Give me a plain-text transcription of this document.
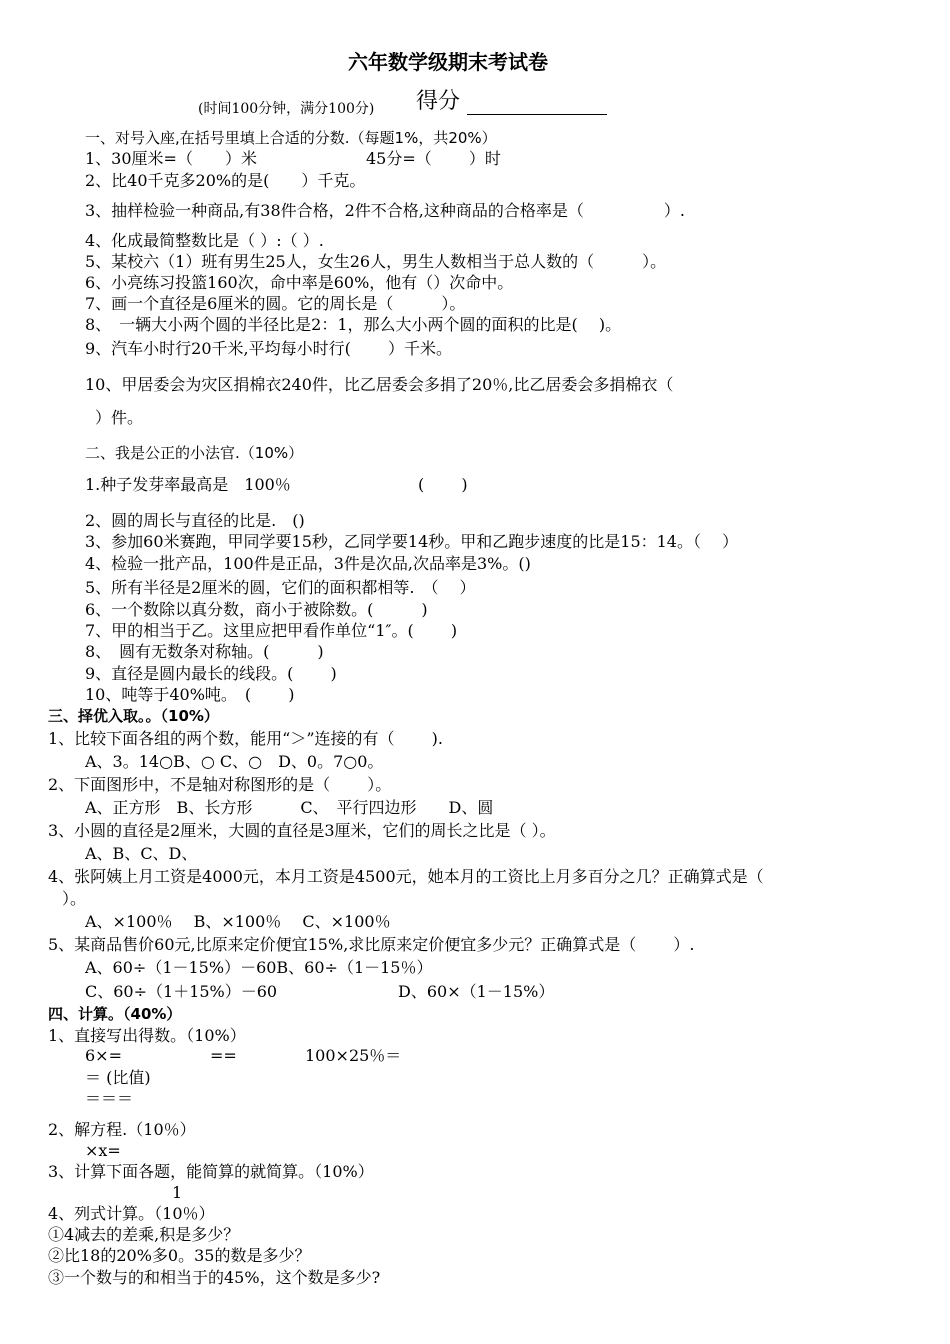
六年数学级期末考试卷
(时间100分钟，满分100分) 得分
一、对号入座,在括号里填上合适的分数.（每题1%，共20%）
1、30厘米=（　　）米	45分=（　　 ）时
2、比40千克多20%的是(　　）千克。
3、抽样检验一种商品,有38件合格，2件不合格,这种商品的合格率是（　　　　　）.
4、化成最简整数比是（ ）:（ ）.
5、某校六（1）班有男生25人，女生26人，男生人数相当于总人数的（　　　）。
6、小亮练习投篮160次，命中率是60%，他有（）次命中。
7、画一个直径是6厘米的圆。它的周长是（　　　）。
8、　一辆大小两个圆的半径比是2：1，那么大小两个圆的面积的比是(　 )。
9、汽车小时行20千米,平均每小时行(　　 ）千米。
10、甲居委会为灾区捐棉衣240件，比乙居委会多捐了20％,比乙居委会多捐棉衣（
）件。
二、我是公正的小法官.（10%）
1.种子发芽率最高是　100％	(　　 )
2、圆的周长与直径的比是.　()
3、参加60米赛跑，甲同学要15秒，乙同学要14秒。甲和乙跑步速度的比是15：14。（　 ）
4、检验一批产品，100件是正品，3件是次品,次品率是3%。()
5、所有半径是2厘米的圆，它们的面积都相等.　（　 ）
6、一个数除以真分数，商小于被除数。(　　　)
7、甲的相当于乙。这里应把甲看作单位“1″。(　　 )
8、　圆有无数条对称轴。(　　　)
9、直径是圆内最长的线段。(　　 )
10、吨等于40%吨。　(　　 )
三、择优入取。。（10%）
1、比较下面各组的两个数，能用“＞”连接的有（　　 ).
A、3。14○B、○ C、○　D、0。7○0。
2、下面图形中，不是轴对称图形的是（　　 ）。
A、正方形　B、长方形　　　C、　平行四边形　　D、圆
3、小圆的直径是2厘米，大圆的直径是3厘米，它们的周长之比是（ ）。
A、B、C、D、
4、张阿姨上月工资是4000元，本月工资是4500元，她本月的工资比上月多百分之几？正确算式是（
）。
A、×100％　 B、×100％　 C、×100％
5、某商品售价60元,比原来定价便宜15%,求比原来定价便宜多少元？正确算式是（　　 ）.
A、60÷（1－15%）－60B、60÷（1－15％）
C、60÷（1＋15%）－60	D、60×（1－15%）
四、计算。（40%）
1、直接写出得数。（10%）
6×=	==	100×25％＝
＝ (比值)
＝＝＝
2、解方程.（10％）
×x=
3、计算下面各题，能简算的就简算。（10%）
1
4、列式计算。（10％）
①4减去的差乘,积是多少？
②比18的20%多0。35的数是多少？
③一个数与的和相当于的45%，这个数是多少?
